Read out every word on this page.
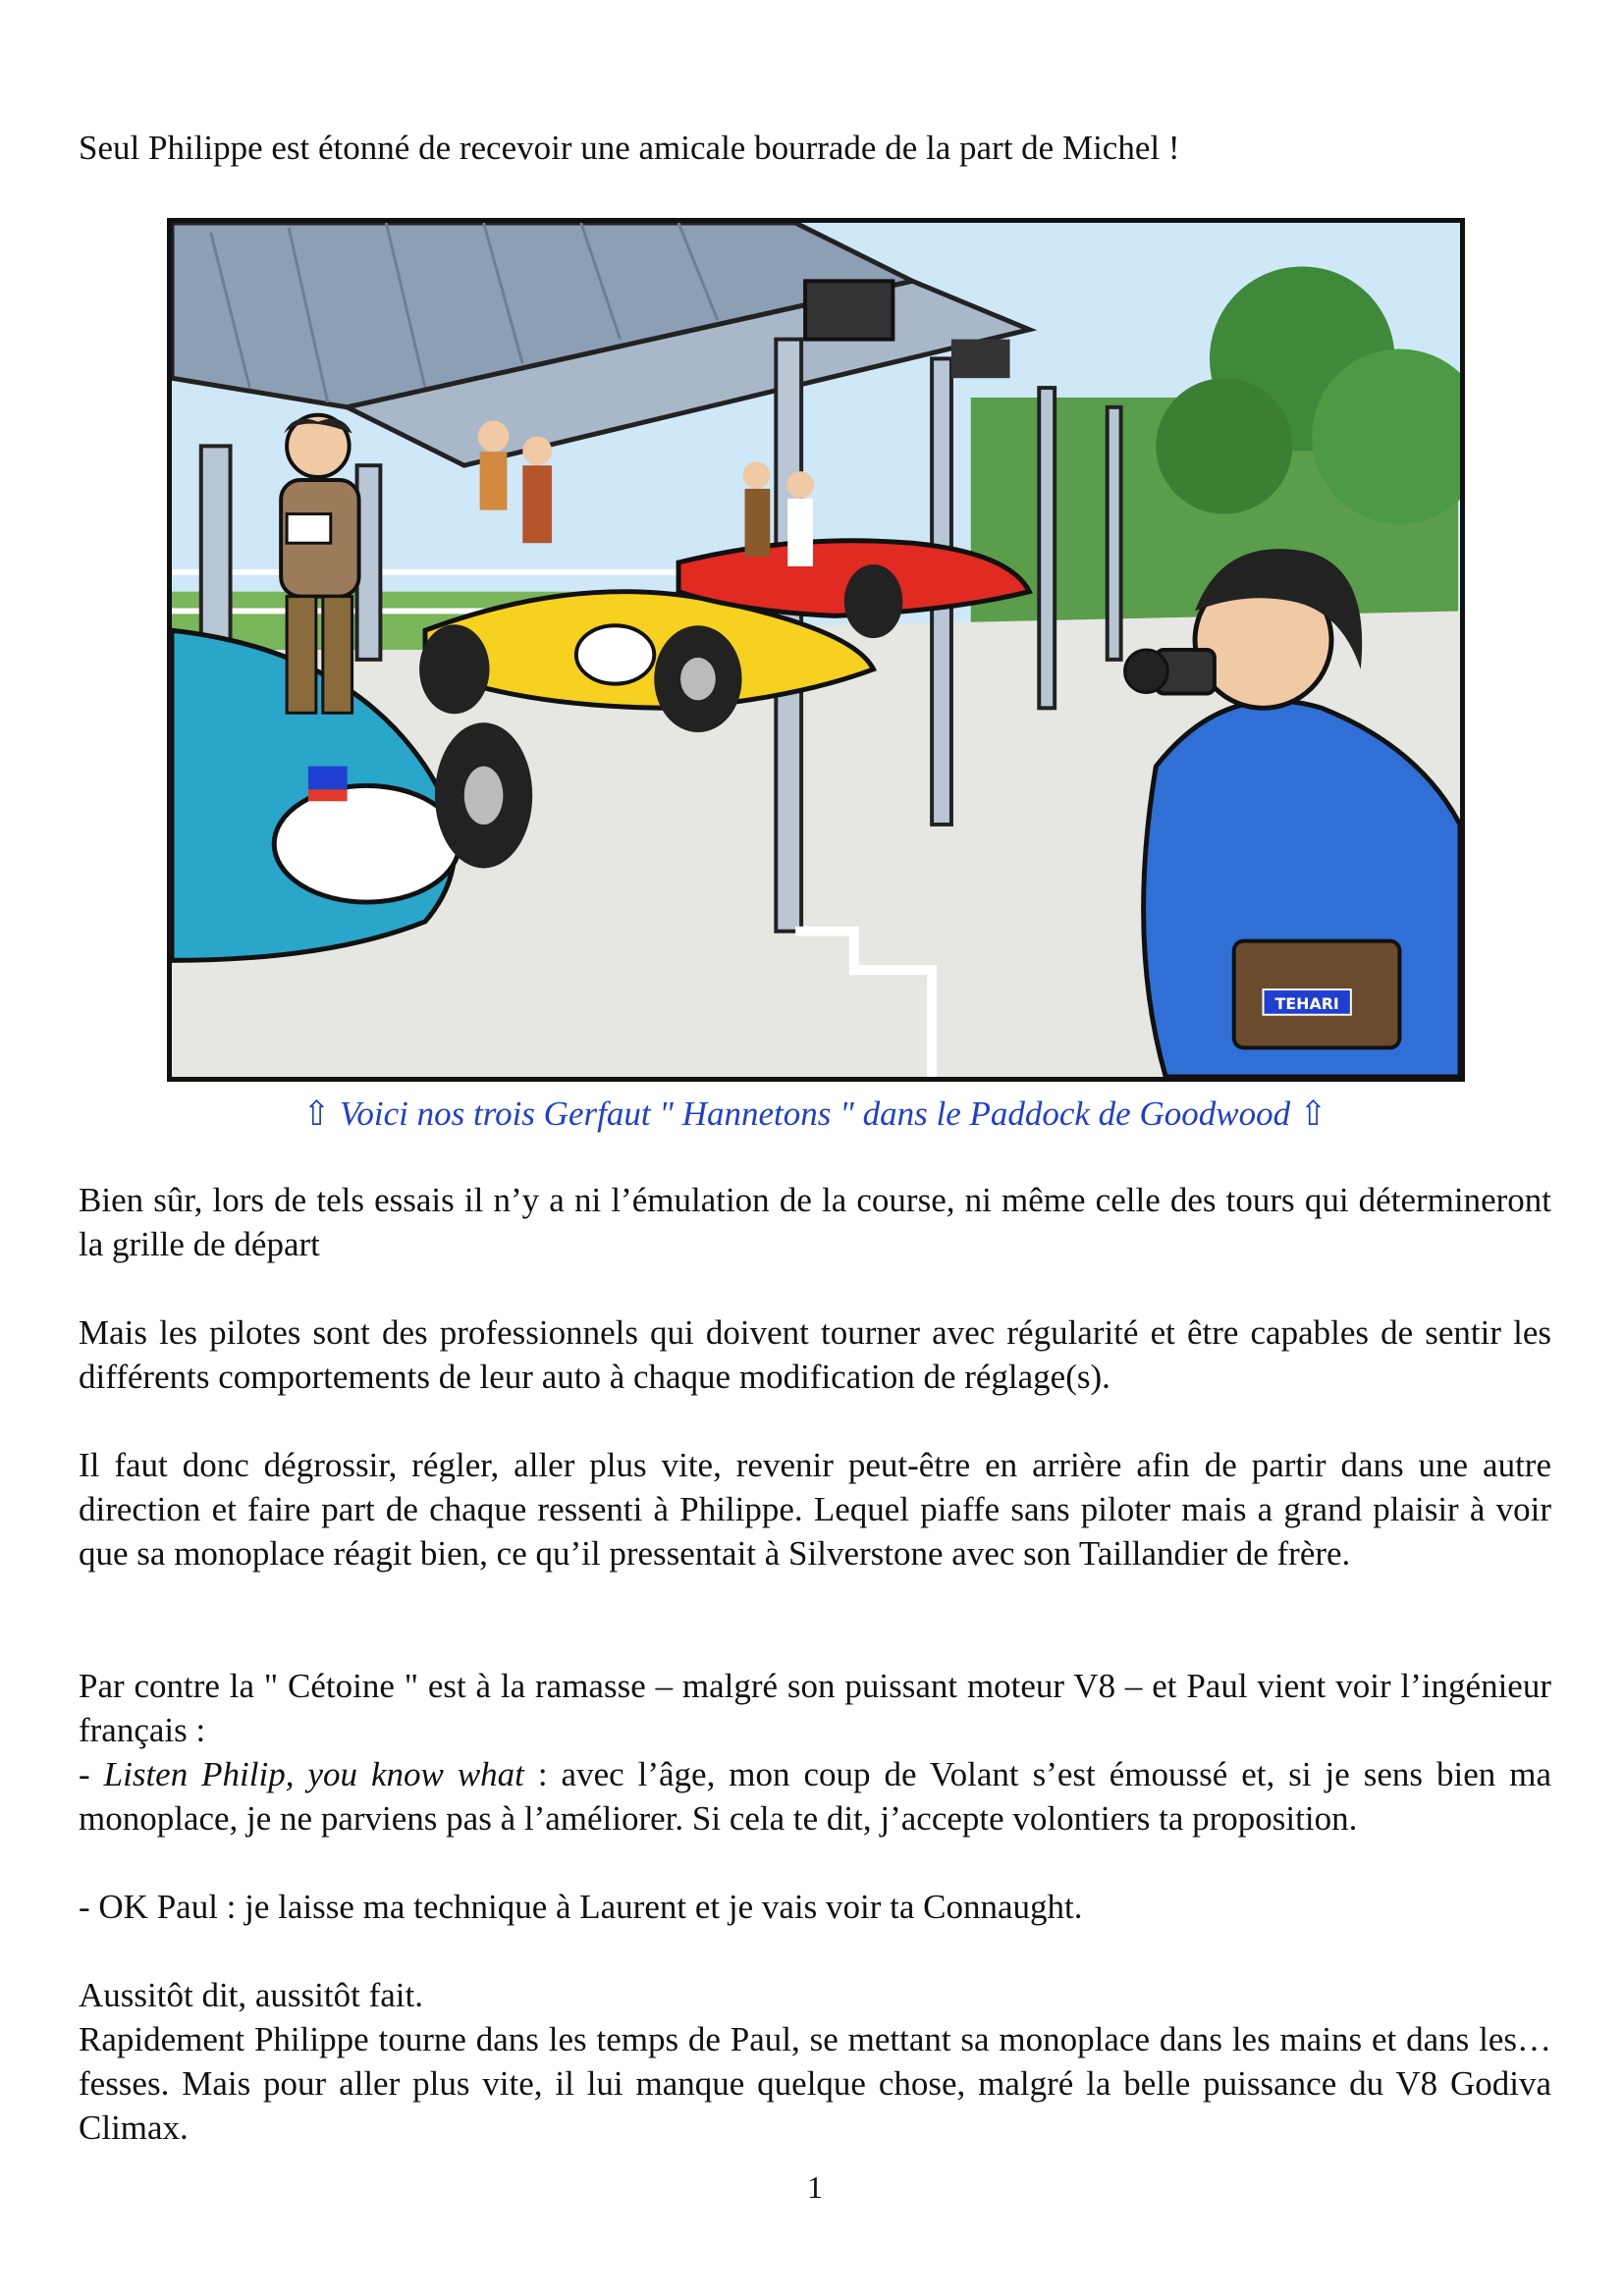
Seul Philippe est étonné de recevoir une amicale bourrade de la part de Michel !

TEHARI
⇧ Voici nos trois Gerfaut " Hannetons " dans le Paddock de Goodwood ⇧

Bien sûr, lors de tels essais il n’y a ni l’émulation de la course, ni même celle des tours qui détermineront la grille de départ

Mais les pilotes sont des professionnels qui doivent tourner avec régularité et être capables de sentir les différents comportements de leur auto à chaque modification de réglage(s).

Il faut donc dégrossir, régler, aller plus vite, revenir peut-être en arrière afin de partir dans une autre direction et faire part de chaque ressenti à Philippe. Lequel piaffe sans piloter mais a grand plaisir à voir que sa monoplace réagit bien, ce qu’il pressentait à Silverstone avec son Taillandier de frère.

Par contre la " Cétoine " est à la ramasse – malgré son puissant moteur V8 – et Paul vient voir l’ingénieur français :

- Listen Philip, you know what : avec l’âge, mon coup de Volant s’est émoussé et, si je sens bien ma monoplace, je ne parviens pas à l’améliorer. Si cela te dit, j’accepte volontiers ta proposition.

- OK Paul : je laisse ma technique à Laurent et je vais voir ta Connaught.

Aussitôt dit, aussitôt fait.

Rapidement Philippe tourne dans les temps de Paul, se mettant sa monoplace dans les mains et dans les… fesses. Mais pour aller plus vite, il lui manque quelque chose, malgré la belle puissance du V8 Godiva Climax.

1
